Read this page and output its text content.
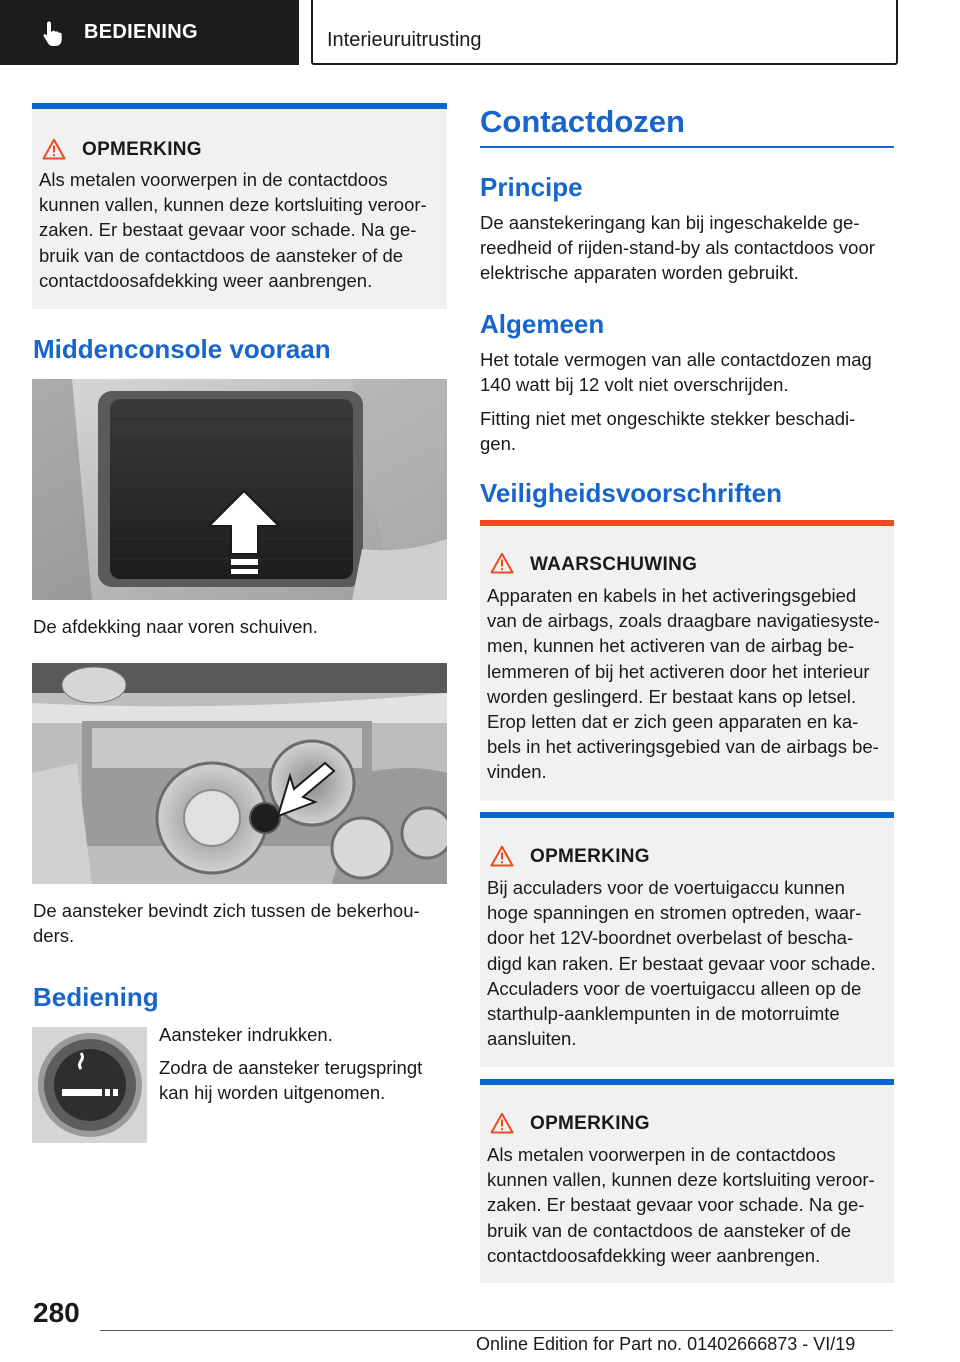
BEDIENING	Interieuruitrusting
OPMERKING
Als metalen voorwerpen in de contactdoos
kunnen vallen, kunnen deze kortsluiting veroor-
zaken. Er bestaat gevaar voor schade. Na ge-
bruik van de contactdoos de aansteker of de
contactdoosafdekking weer aanbrengen.
Middenconsole vooraan
De afdekking naar voren schuiven.
De aansteker bevindt zich tussen de bekerhou-
ders.
Bediening
Aansteker indrukken.
Zodra de aansteker terugspringt
kan hij worden uitgenomen.
Contactdozen
Principe
De aanstekeringang kan bij ingeschakelde ge-
reedheid of rijden-stand-by als contactdoos voor
elektrische apparaten worden gebruikt.
Algemeen
Het totale vermogen van alle contactdozen mag
140 watt bij 12 volt niet overschrijden.
Fitting niet met ongeschikte stekker beschadi-
gen.
Veiligheidsvoorschriften
WAARSCHUWING
Apparaten en kabels in het activeringsgebied
van de airbags, zoals draagbare navigatiesyste-
men, kunnen het activeren van de airbag be-
lemmeren of bij het activeren door het interieur
worden geslingerd. Er bestaat kans op letsel.
Erop letten dat er zich geen apparaten en ka-
bels in het activeringsgebied van de airbags be-
vinden.
OPMERKING
Bij acculaders voor de voertuigaccu kunnen
hoge spanningen en stromen optreden, waar-
door het 12V-boordnet overbelast of bescha-
digd kan raken. Er bestaat gevaar voor schade.
Acculaders voor de voertuigaccu alleen op de
starthulp-aanklempunten in de motorruimte
aansluiten.
OPMERKING
Als metalen voorwerpen in de contactdoos
kunnen vallen, kunnen deze kortsluiting veroor-
zaken. Er bestaat gevaar voor schade. Na ge-
bruik van de contactdoos de aansteker of de
contactdoosafdekking weer aanbrengen.
280
Online Edition for Part no. 01402666873 - VI/19
